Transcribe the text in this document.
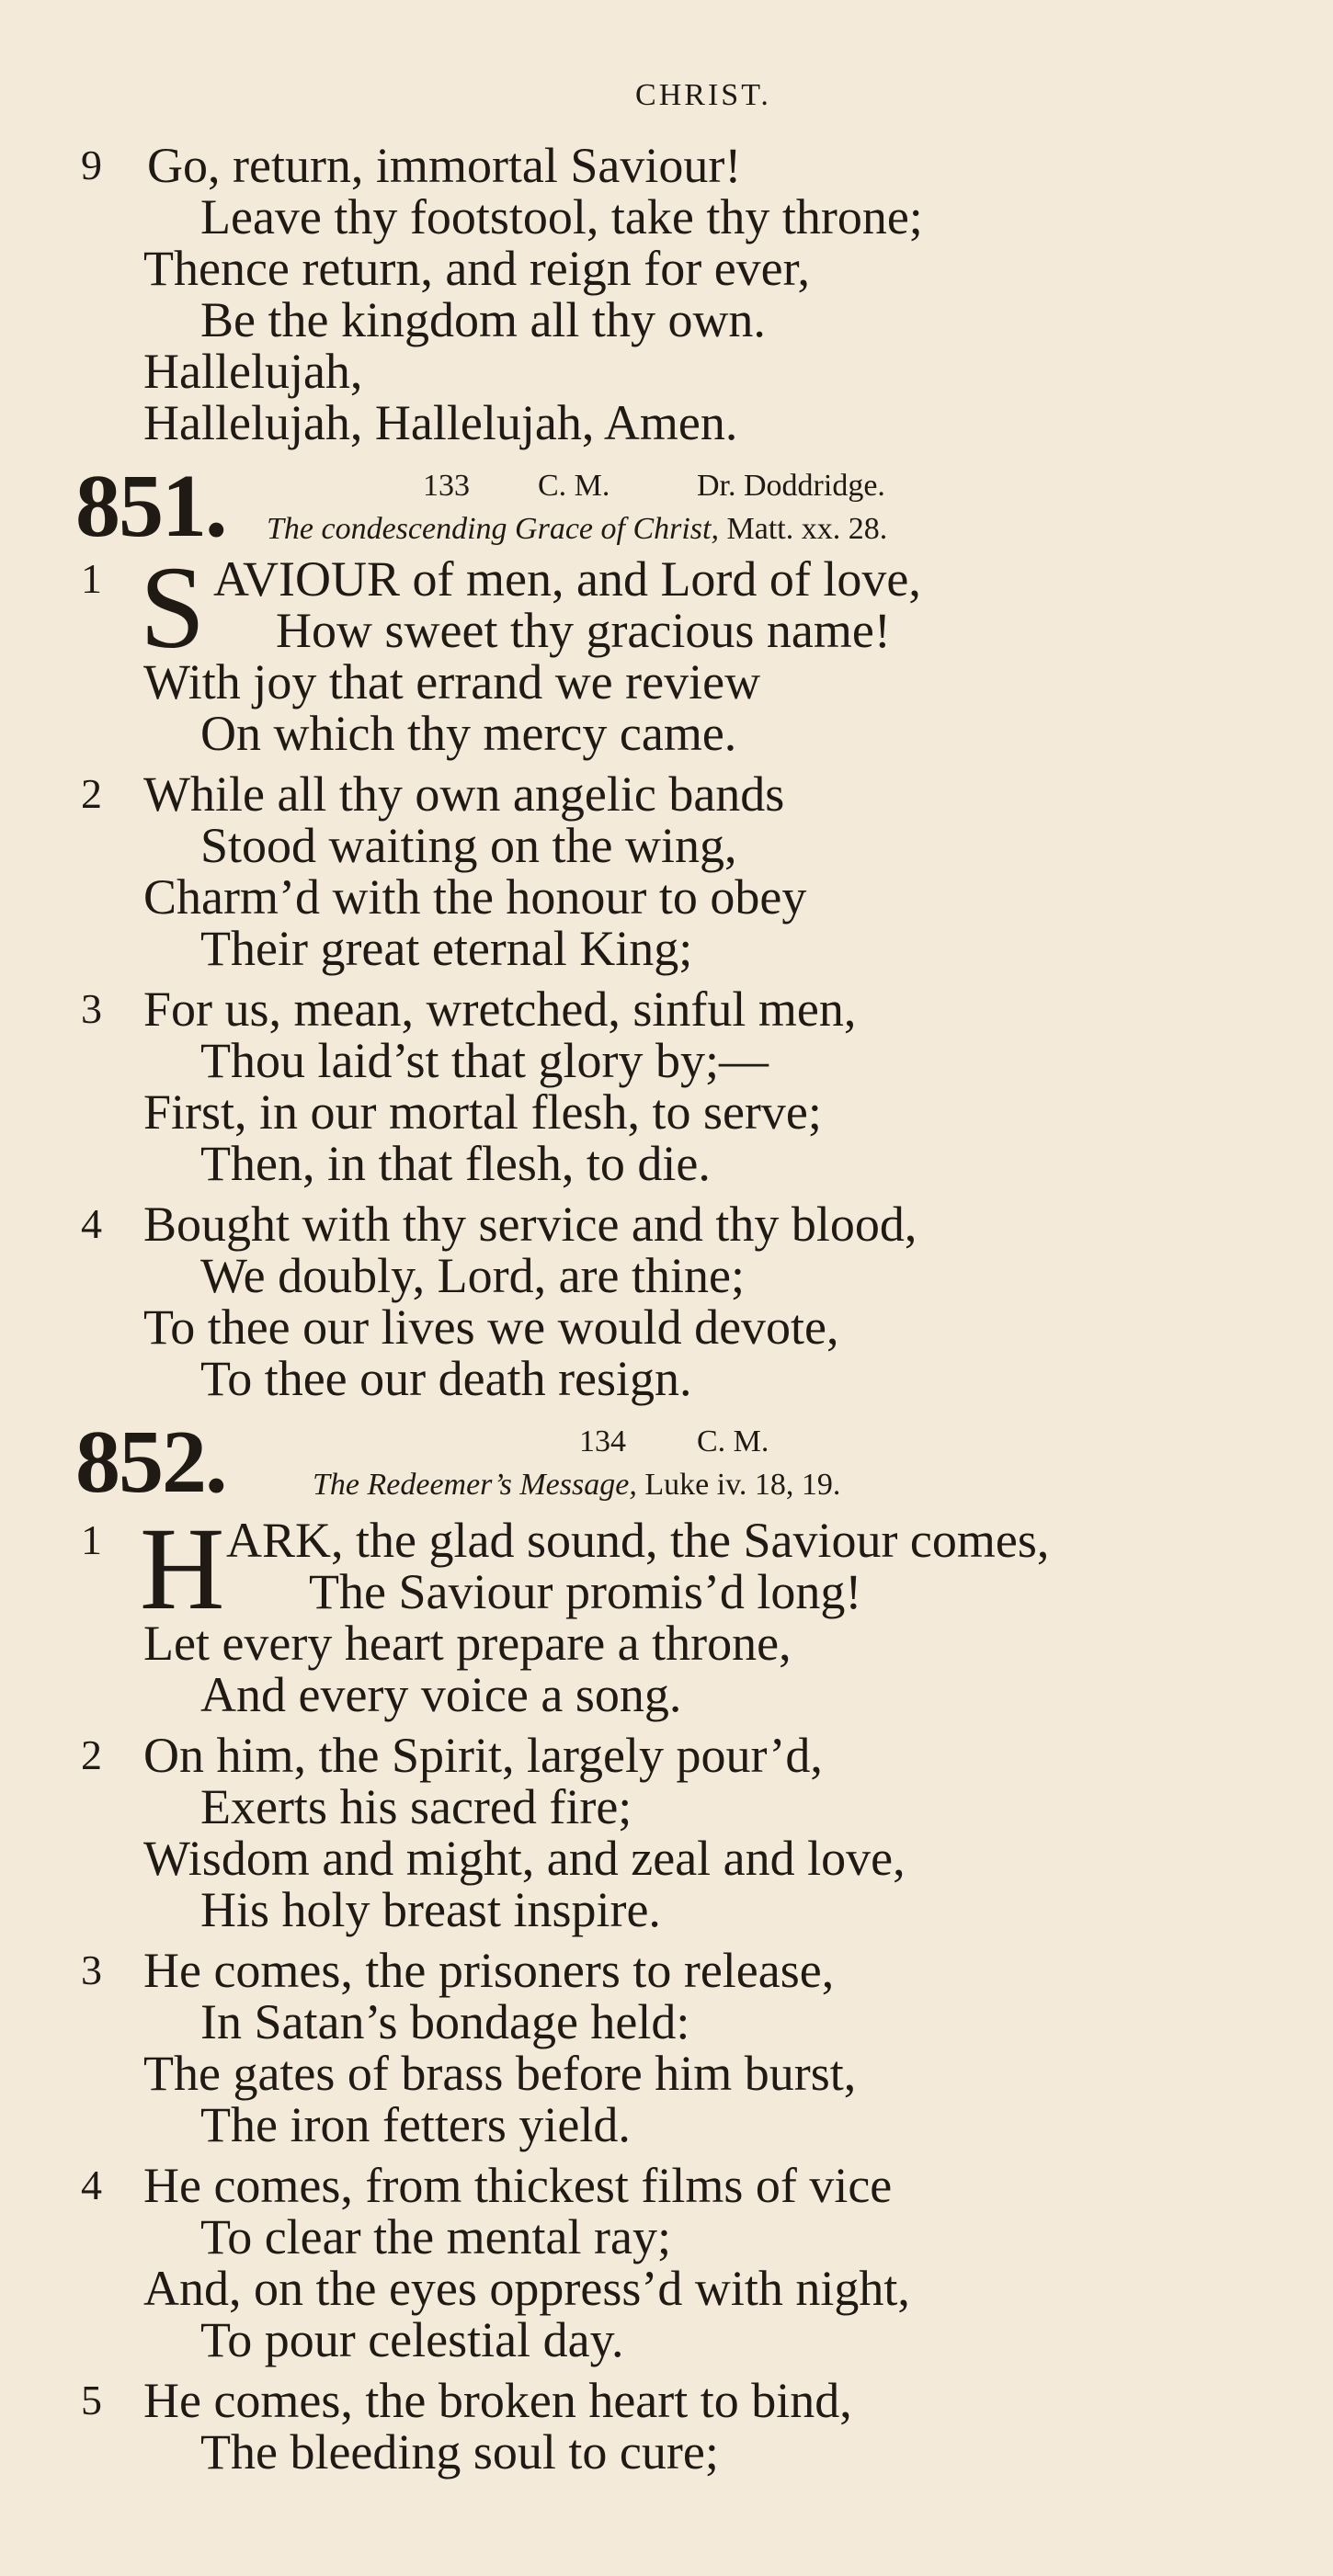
CHRIST.
9 Go, return, immortal Saviour!
Leave thy footstool, take thy throne;
Thence return, and reign for ever,
Be the kingdom all thy own.
Hallelujah,
Hallelujah, Hallelujah, Amen.
851.	133 C. M.	Dr. Doddridge.
The condescending Grace of Christ, Matt. xx. 28.
1 S AVIOUR of men, and Lord of love,
How sweet thy gracious name!
With joy that errand we review
On which thy mercy came.
2 While all thy own angelic bands
Stood waiting on the wing,
Charm’d with the honour to obey
Their great eternal King;
3 For us, mean, wretched, sinful men,
Thou laid’st that glory by;—
First, in our mortal flesh, to serve;
Then, in that flesh, to die.
4 Bought with thy service and thy blood,
We doubly, Lord, are thine;
To thee our lives we would devote,
To thee our death resign.
852.	134 C. M.
The Redeemer’s Message, Luke iv. 18, 19.
1 H ARK, the glad sound, the Saviour comes,
The Saviour promis’d long!
Let every heart prepare a throne,
And every voice a song.
2 On him, the Spirit, largely pour’d,
Exerts his sacred fire;
Wisdom and might, and zeal and love,
His holy breast inspire.
3 He comes, the prisoners to release,
In Satan’s bondage held:
The gates of brass before him burst,
The iron fetters yield.
4 He comes, from thickest films of vice
To clear the mental ray;
And, on the eyes oppress’d with night,
To pour celestial day.
5 He comes, the broken heart to bind,
The bleeding soul to cure;
